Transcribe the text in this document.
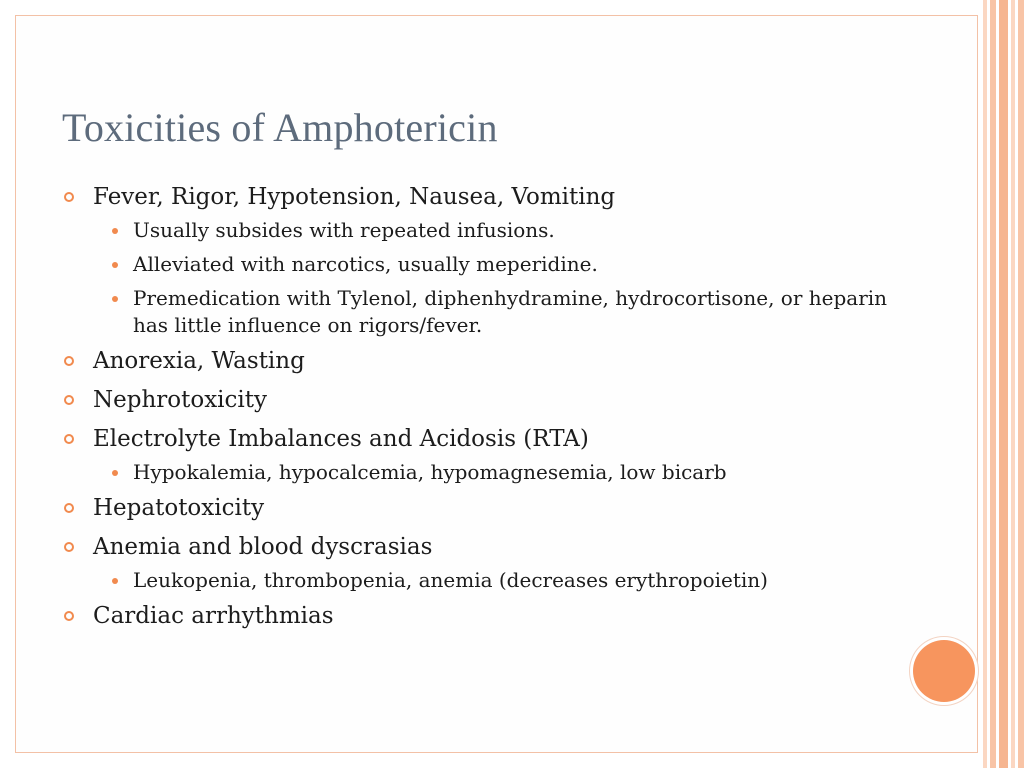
Toxicities of Amphotericin
Fever, Rigor, Hypotension, Nausea, Vomiting
Usually subsides with repeated infusions.
Alleviated with narcotics, usually meperidine.
Premedication with Tylenol, diphenhydramine, hydrocortisone, or heparin has little influence on rigors/fever.
Anorexia, Wasting
Nephrotoxicity
Electrolyte Imbalances and Acidosis (RTA)
Hypokalemia, hypocalcemia, hypomagnesemia, low bicarb
Hepatotoxicity
Anemia and blood dyscrasias
Leukopenia, thrombopenia, anemia (decreases erythropoietin)
Cardiac arrhythmias
